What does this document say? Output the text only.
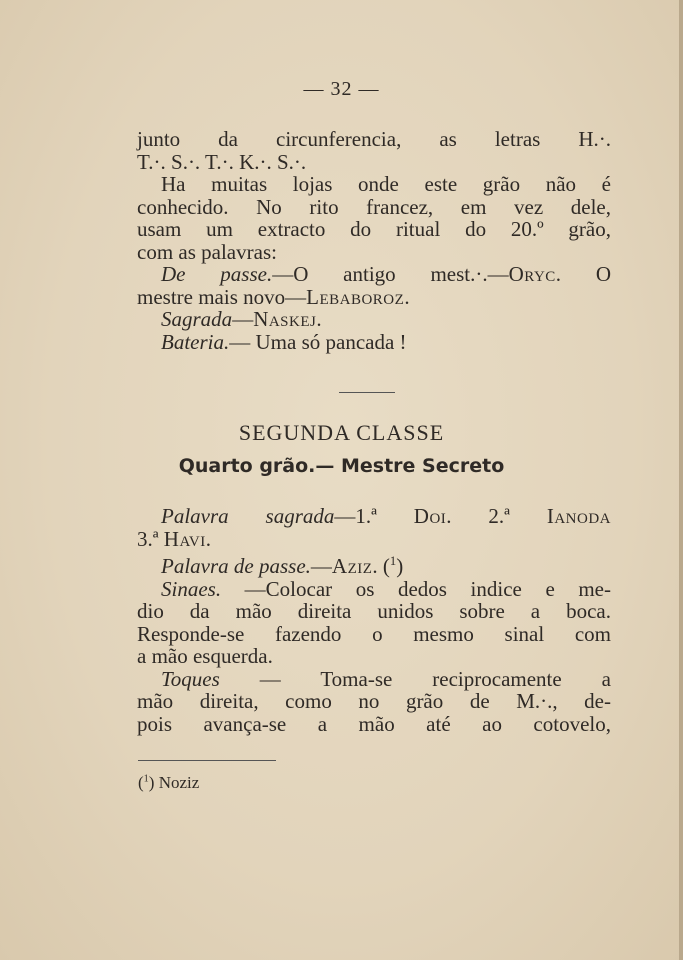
— 32 —
junto da circunferencia, as letras H.·.
T.·. S.·. T.·. K.·. S.·.
Ha muitas lojas onde este grão não é
conhecido. No rito francez, em vez dele,
usam um extracto do ritual do 20.º grão,
com as palavras:
De passe.—O antigo mest.·.—Oryc. O
mestre mais novo—Lebaboroz.
Sagrada—Naskej.
Bateria.— Uma só pancada !
SEGUNDA CLASSE
Quarto grão.— Mestre Secreto
Palavra sagrada—1.ª Doi. 2.ª Ianoda
3.ª Havi.
Palavra de passe.—Aziz. ($^1$)
Sinaes. —Colocar os dedos indice e me-
dio da mão direita unidos sobre a boca.
Responde-se fazendo o mesmo sinal com
a mão esquerda.
Toques — Toma-se reciprocamente a
mão direita, como no grão de M.·., de-
pois avança-se a mão até ao cotovelo,
($^1$) Noziz
